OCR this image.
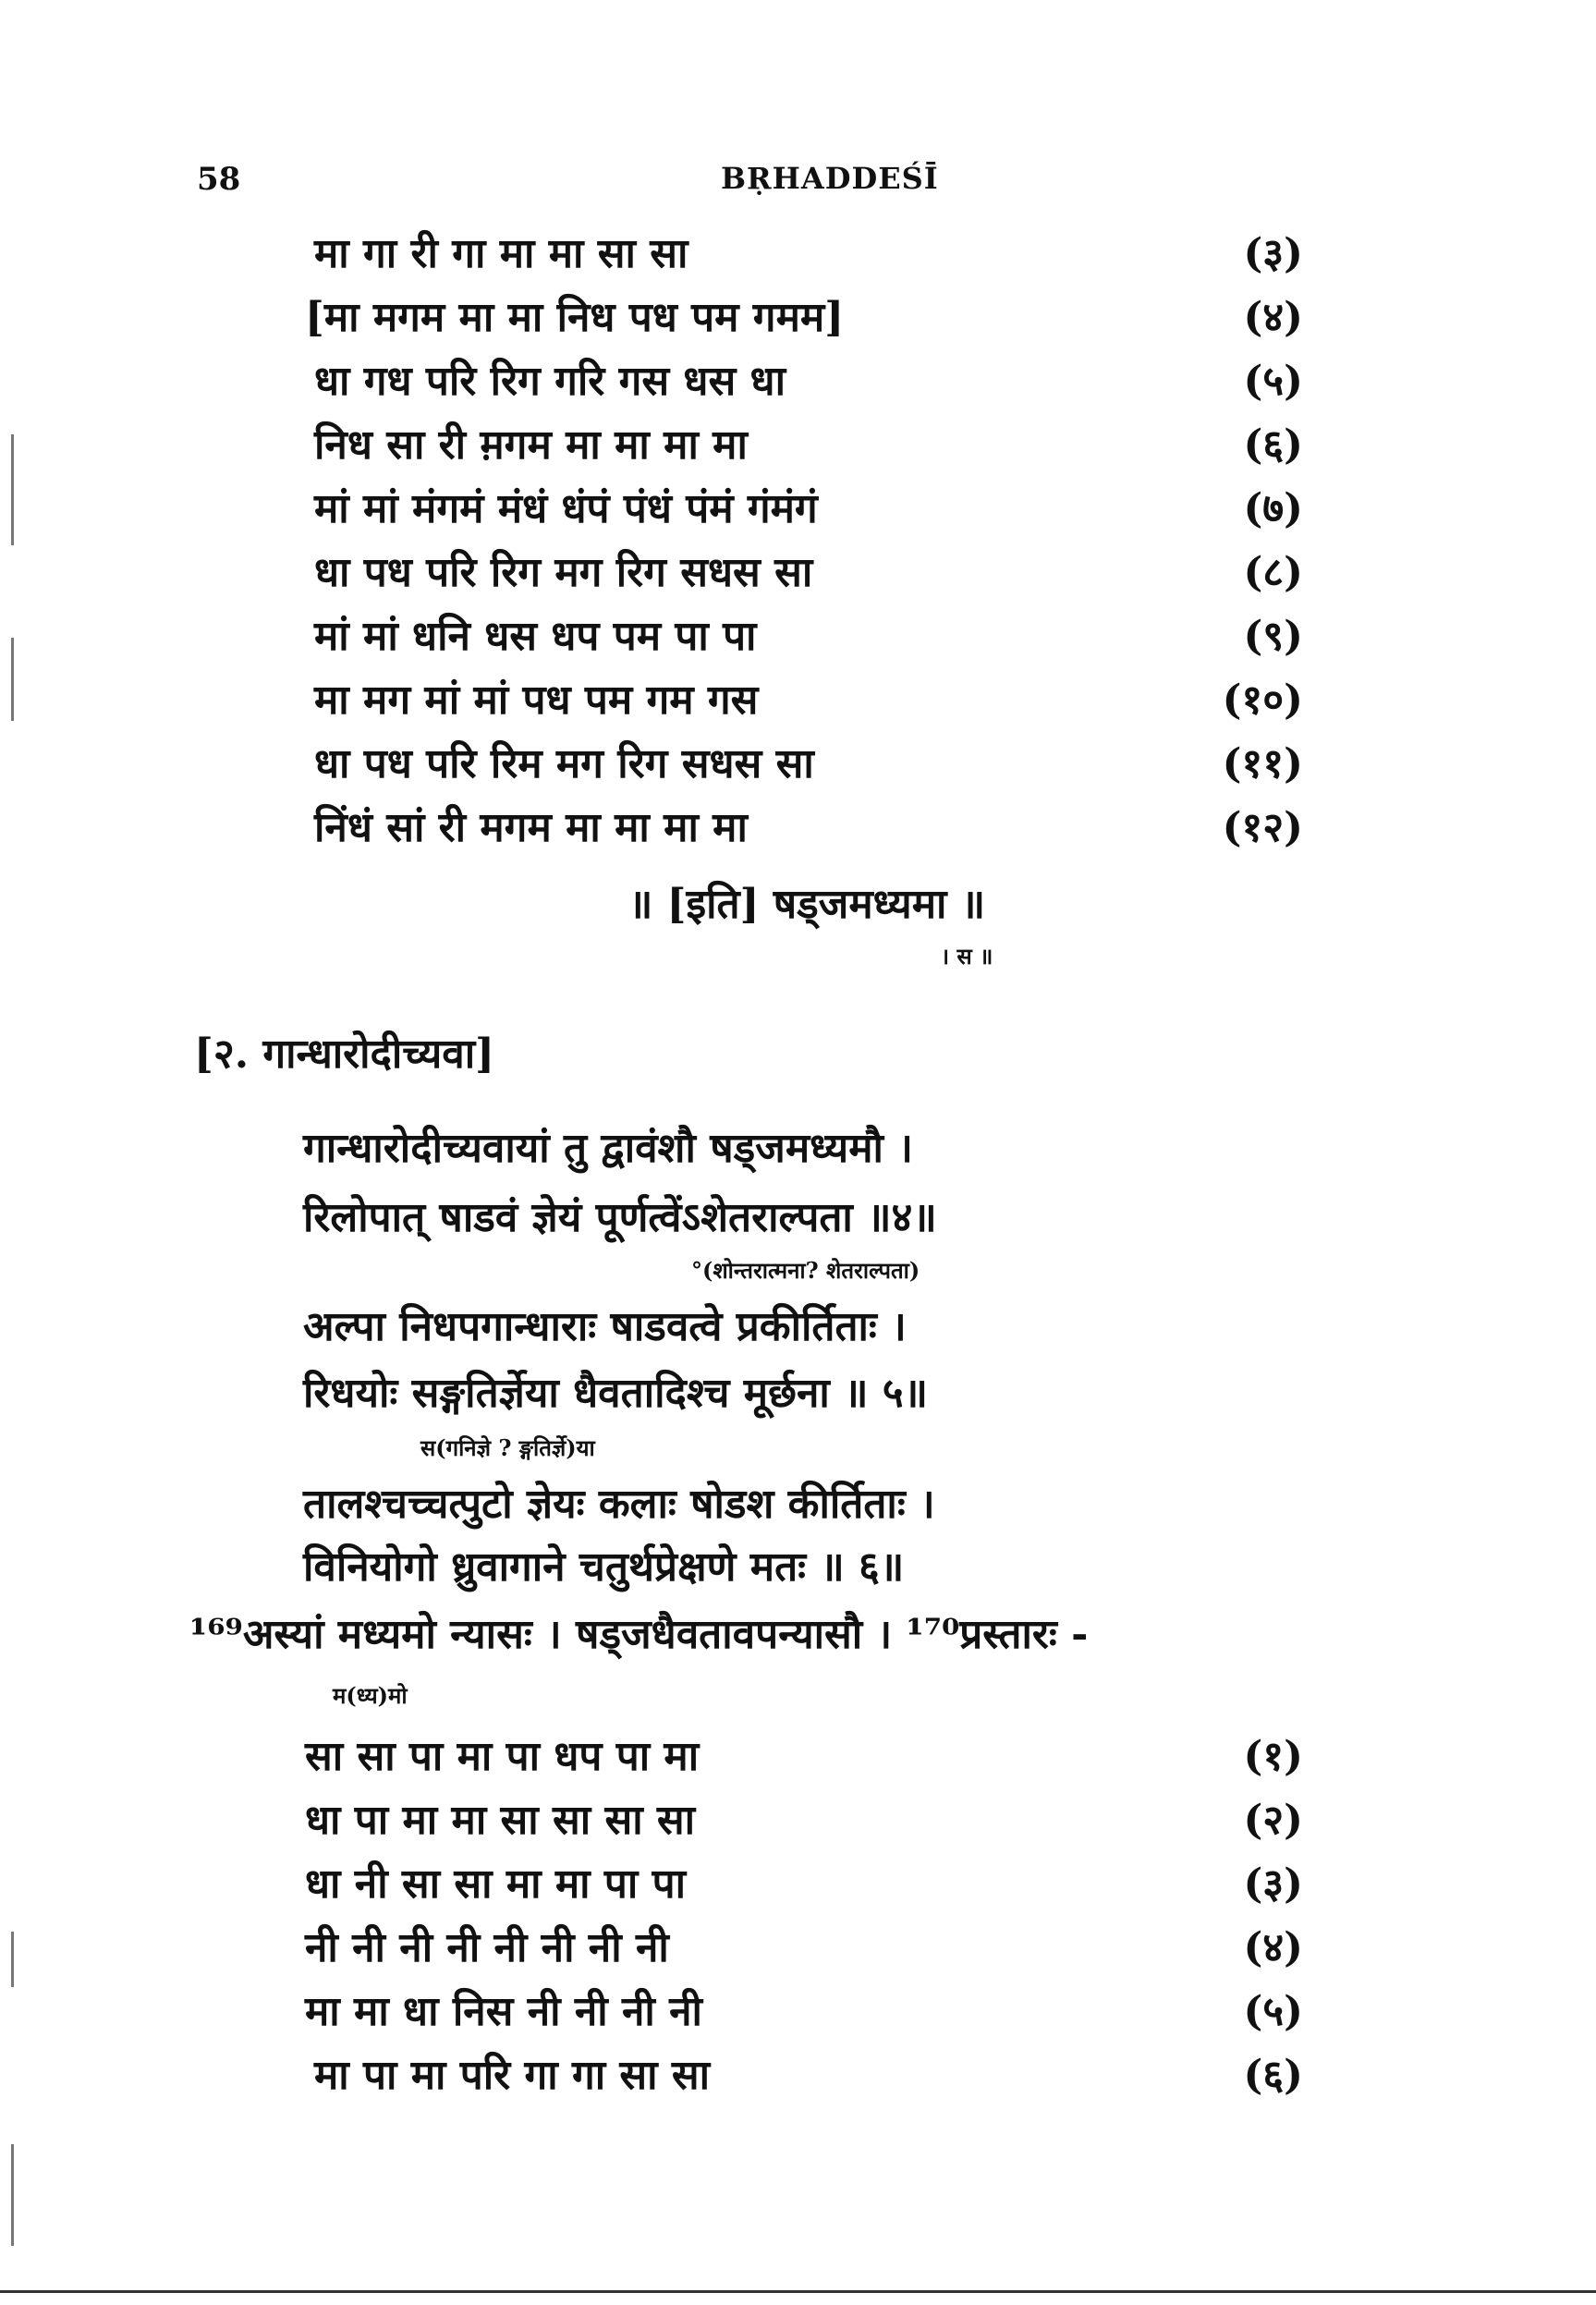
58	BṚHADDEŚĪ
मा गा री गा मा मा सा सा	(३)
[मा मगम मा मा निध पध पम गमम]	(४)
धा गध परि रिग गरि गस धस धा	(५)
निध सा री म़गम मा मा मा मा	(६)
मां मां मंगमं मंधं धंपं पंधं पंमं गंमंगं	(७)
धा पध परि रिग मग रिग सधस सा	(८)
मां मां धनि धस धप पम पा पा	(९)
मा मग मां मां पध पम गम गस	(१०)
धा पध परि रिम मग रिग सधस सा	(११)
निंधं सां री मगम मा मा मा मा	(१२)
॥ [इति] षड्जमध्यमा ॥
। स ॥
[२. गान्धारोदीच्यवा]
गान्धारोदीच्यवायां तु द्वावंशौ षड्जमध्यमौ ।
रिलोपात् षाडवं ज्ञेयं पूर्णत्वेंऽशेतराल्पता ॥४॥
°(शोन्तरात्मना? शेतराल्पता)
अल्पा निधपगान्धाराः षाडवत्वे प्रकीर्तिताः ।
रिधयोः सङ्गतिर्ज्ञेया धैवतादिश्च मूर्छना ॥ ५॥
स(गनिज्ञे ? ङ्गतिर्ज्ञे)या
तालश्चच्चत्पुटो ज्ञेयः कलाः षोडश कीर्तिताः ।
विनियोगो ध्रुवागाने चतुर्थप्रेक्षणे मतः ॥ ६॥
¹⁶⁹अस्यां मध्यमो न्यासः । षड्जधैवतावपन्यासौ । ¹⁷⁰प्रस्तारः -
म(ध्य)मो
सा सा पा मा पा धप पा मा	(१)
धा पा मा मा सा सा सा सा	(२)
धा नी सा सा मा मा पा पा	(३)
नी नी नी नी नी नी नी नी	(४)
मा मा धा निस नी नी नी नी	(५)
मा पा मा परि गा गा सा सा	(६)
